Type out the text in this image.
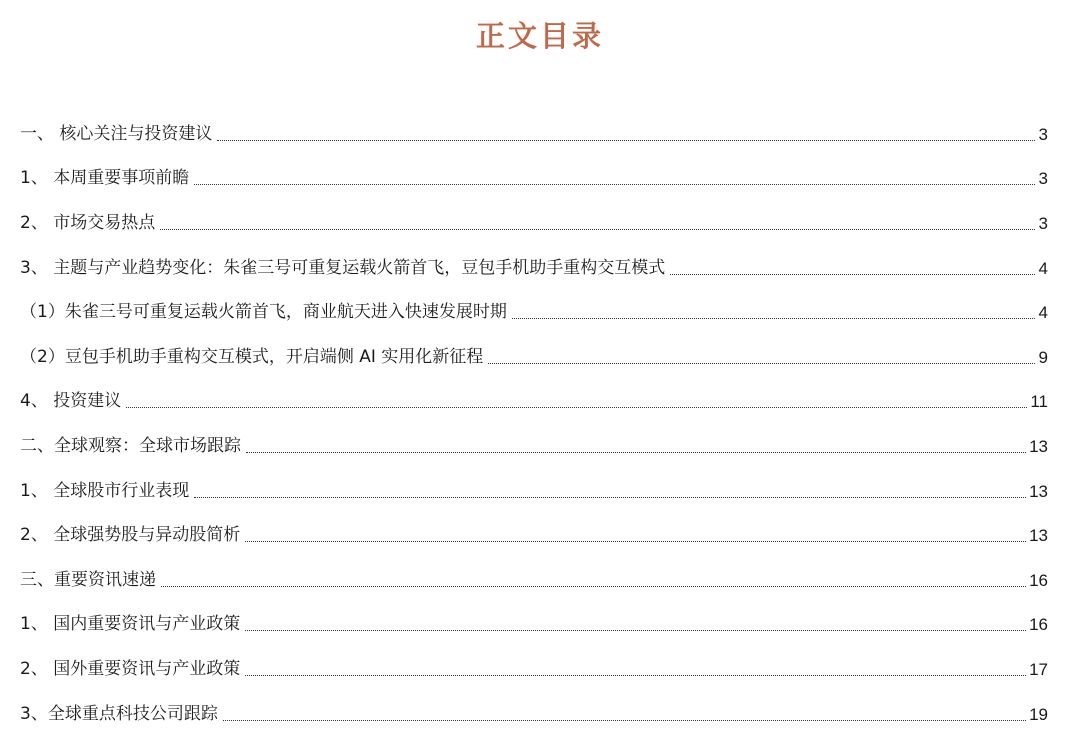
正文目录
一、 核心关注与投资建议	3
1、 本周重要事项前瞻	3
2、 市场交易热点	3
3、 主题与产业趋势变化：朱雀三号可重复运载火箭首飞，豆包手机助手重构交互模式	4
（1）朱雀三号可重复运载火箭首飞，商业航天进入快速发展时期	4
（2）豆包手机助手重构交互模式，开启端侧 AI 实用化新征程	9
4、 投资建议	11
二、全球观察：全球市场跟踪	13
1、 全球股市行业表现	13
2、 全球强势股与异动股简析	13
三、重要资讯速递	16
1、 国内重要资讯与产业政策	16
2、 国外重要资讯与产业政策	17
3、全球重点科技公司跟踪	19
